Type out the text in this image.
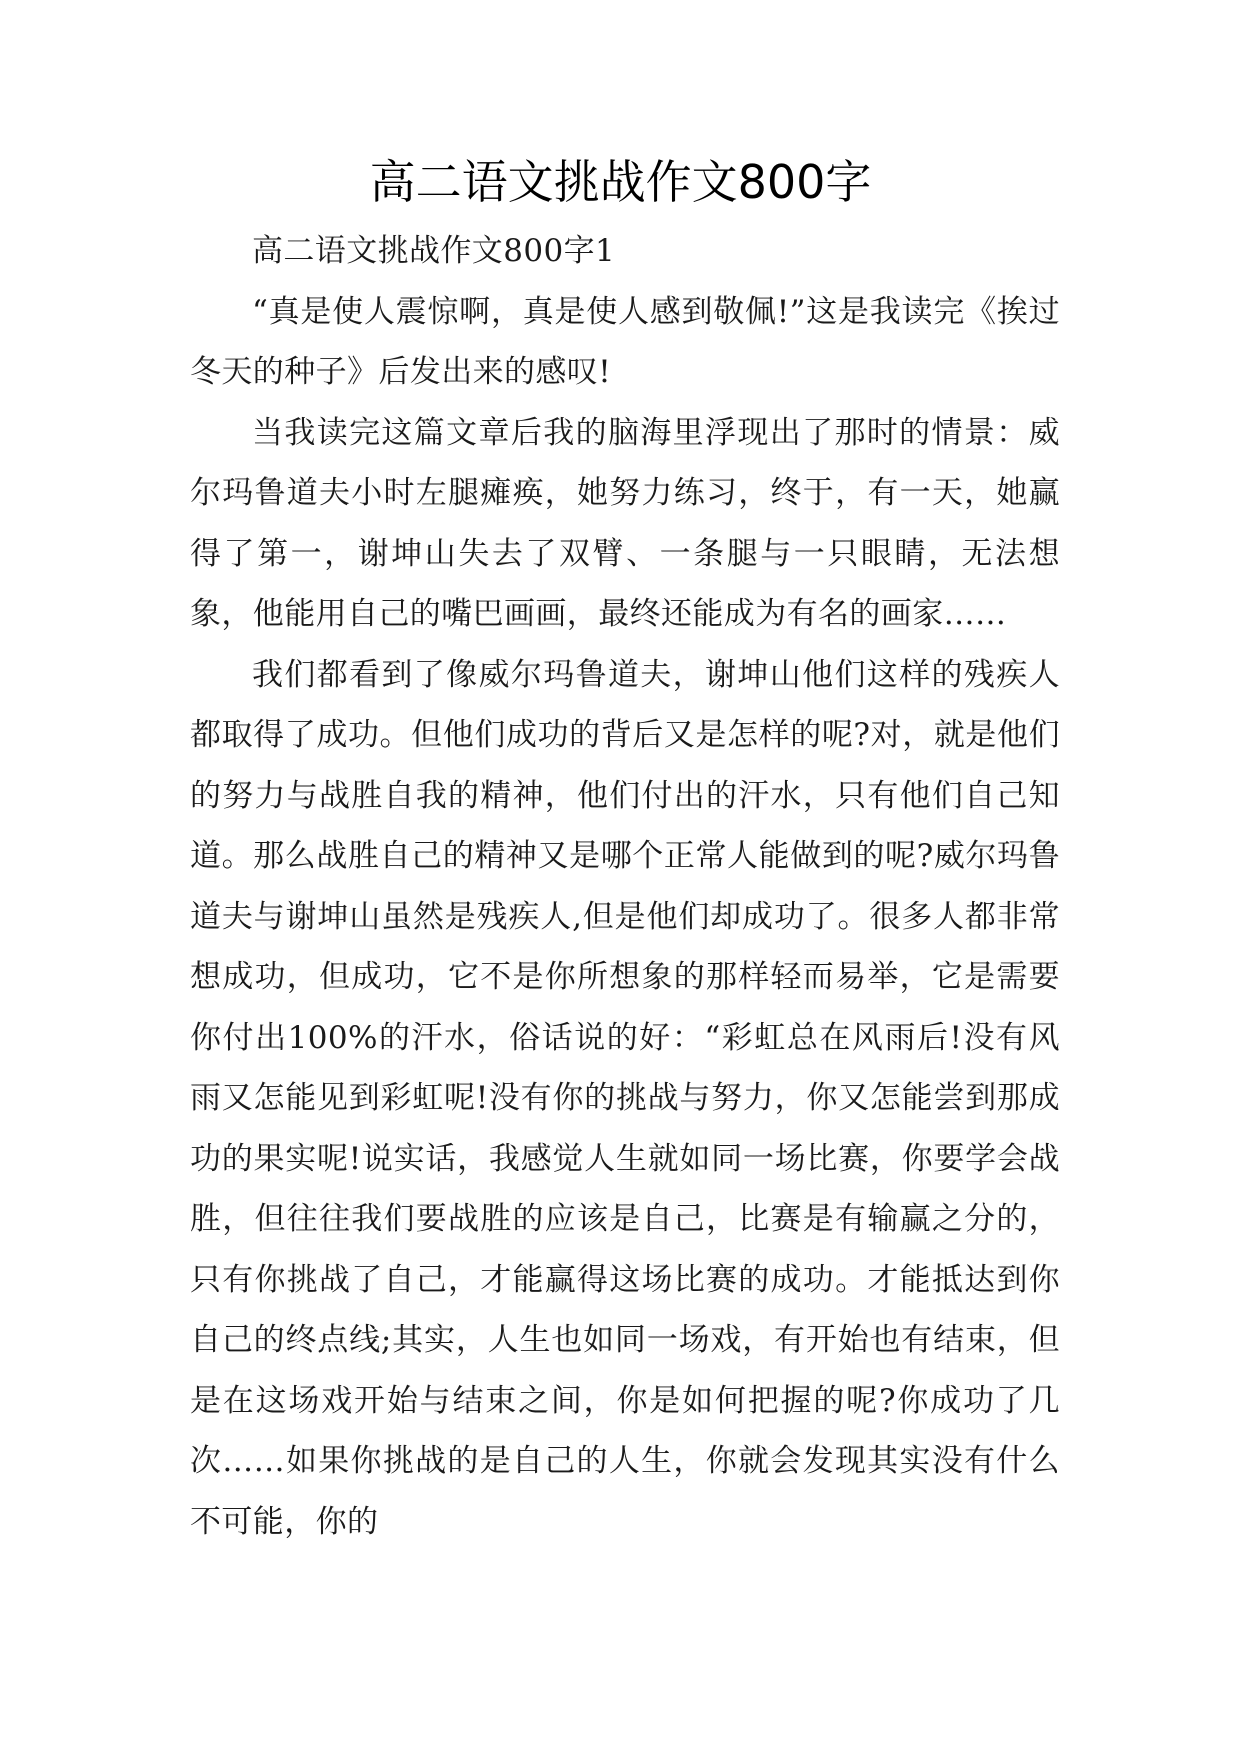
高二语文挑战作文800字

高二语文挑战作文800字1

“真是使人震惊啊，真是使人感到敬佩!”这是我读完《挨过冬天的种子》后发出来的感叹!

当我读完这篇文章后我的脑海里浮现出了那时的情景：威尔玛鲁道夫小时左腿瘫痪，她努力练习，终于，有一天，她赢得了第一，谢坤山失去了双臂、一条腿与一只眼睛，无法想象，他能用自己的嘴巴画画，最终还能成为有名的画家……

我们都看到了像威尔玛鲁道夫，谢坤山他们这样的残疾人都取得了成功。但他们成功的背后又是怎样的呢?对，就是他们的努力与战胜自我的精神，他们付出的汗水，只有他们自己知道。那么战胜自己的精神又是哪个正常人能做到的呢?威尔玛鲁道夫与谢坤山虽然是残疾人,但是他们却成功了。很多人都非常想成功，但成功，它不是你所想象的那样轻而易举，它是需要你付出100%的汗水，俗话说的好：“彩虹总在风雨后!没有风雨又怎能见到彩虹呢!没有你的挑战与努力，你又怎能尝到那成功的果实呢!说实话，我感觉人生就如同一场比赛，你要学会战胜，但往往我们要战胜的应该是自己，比赛是有输赢之分的，只有你挑战了自己，才能赢得这场比赛的成功。才能抵达到你自己的终点线;其实，人生也如同一场戏，有开始也有结束，但是在这场戏开始与结束之间，你是如何把握的呢?你成功了几次……如果你挑战的是自己的人生，你就会发现其实没有什么不可能，你的
